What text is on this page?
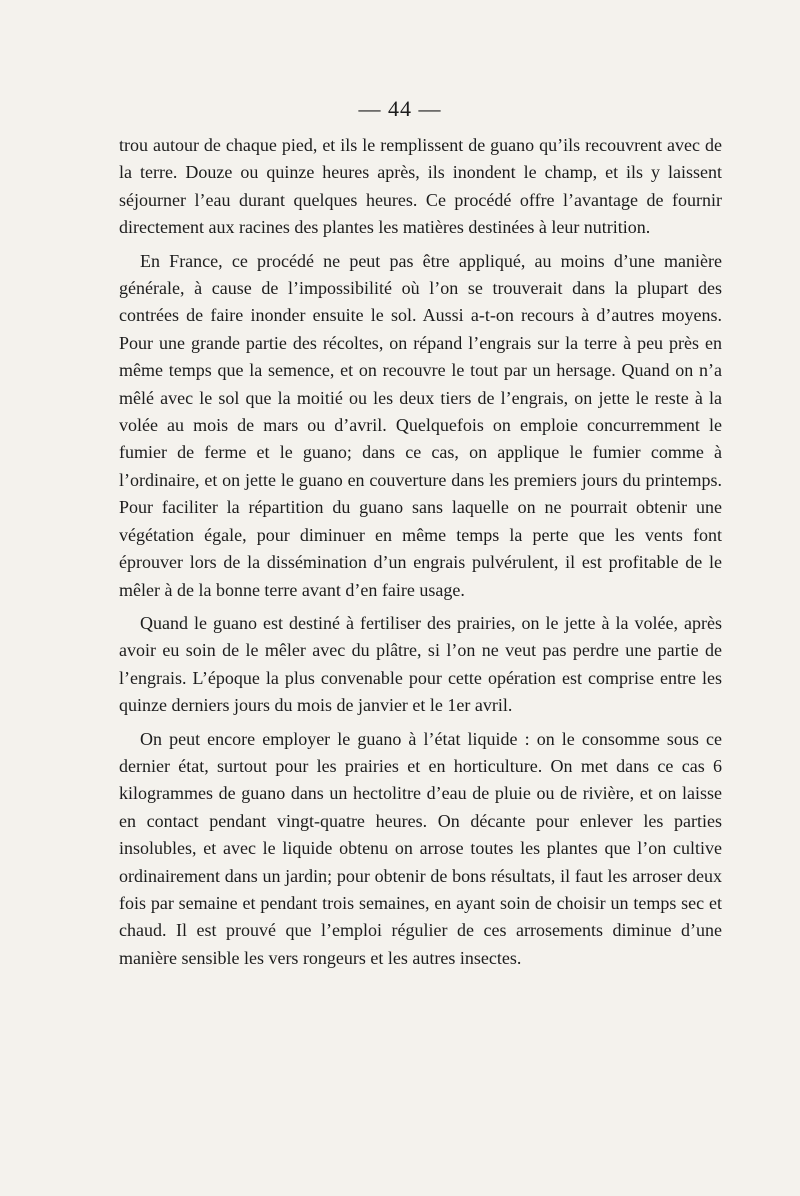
— 44 —

trou autour de chaque pied, et ils le remplissent de guano qu’ils recouvrent avec de la terre. Douze ou quinze heures après, ils inondent le champ, et ils y laissent séjourner l’eau durant quelques heures. Ce procédé offre l’avantage de fournir directement aux racines des plantes les matières destinées à leur nutrition.

En France, ce procédé ne peut pas être appliqué, au moins d’une manière générale, à cause de l’impossibilité où l’on se trouverait dans la plupart des contrées de faire inonder ensuite le sol. Aussi a-t-on recours à d’autres moyens. Pour une grande partie des récoltes, on répand l’engrais sur la terre à peu près en même temps que la semence, et on recouvre le tout par un hersage. Quand on n’a mêlé avec le sol que la moitié ou les deux tiers de l’engrais, on jette le reste à la volée au mois de mars ou d’avril. Quelquefois on emploie concurremment le fumier de ferme et le guano; dans ce cas, on applique le fumier comme à l’ordinaire, et on jette le guano en couverture dans les premiers jours du printemps. Pour faciliter la répartition du guano sans laquelle on ne pourrait obtenir une végétation égale, pour diminuer en même temps la perte que les vents font éprouver lors de la dissémination d’un engrais pulvérulent, il est profitable de le mêler à de la bonne terre avant d’en faire usage.

Quand le guano est destiné à fertiliser des prairies, on le jette à la volée, après avoir eu soin de le mêler avec du plâtre, si l’on ne veut pas perdre une partie de l’engrais. L’époque la plus convenable pour cette opération est comprise entre les quinze derniers jours du mois de janvier et le 1er avril.

On peut encore employer le guano à l’état liquide : on le consomme sous ce dernier état, surtout pour les prairies et en horticulture. On met dans ce cas 6 kilogrammes de guano dans un hectolitre d’eau de pluie ou de rivière, et on laisse en contact pendant vingt-quatre heures. On décante pour enlever les parties insolubles, et avec le liquide obtenu on arrose toutes les plantes que l’on cultive ordinairement dans un jardin; pour obtenir de bons résultats, il faut les arroser deux fois par semaine et pendant trois semaines, en ayant soin de choisir un temps sec et chaud. Il est prouvé que l’emploi régulier de ces arrosements diminue d’une manière sensible les vers rongeurs et les autres insectes.
